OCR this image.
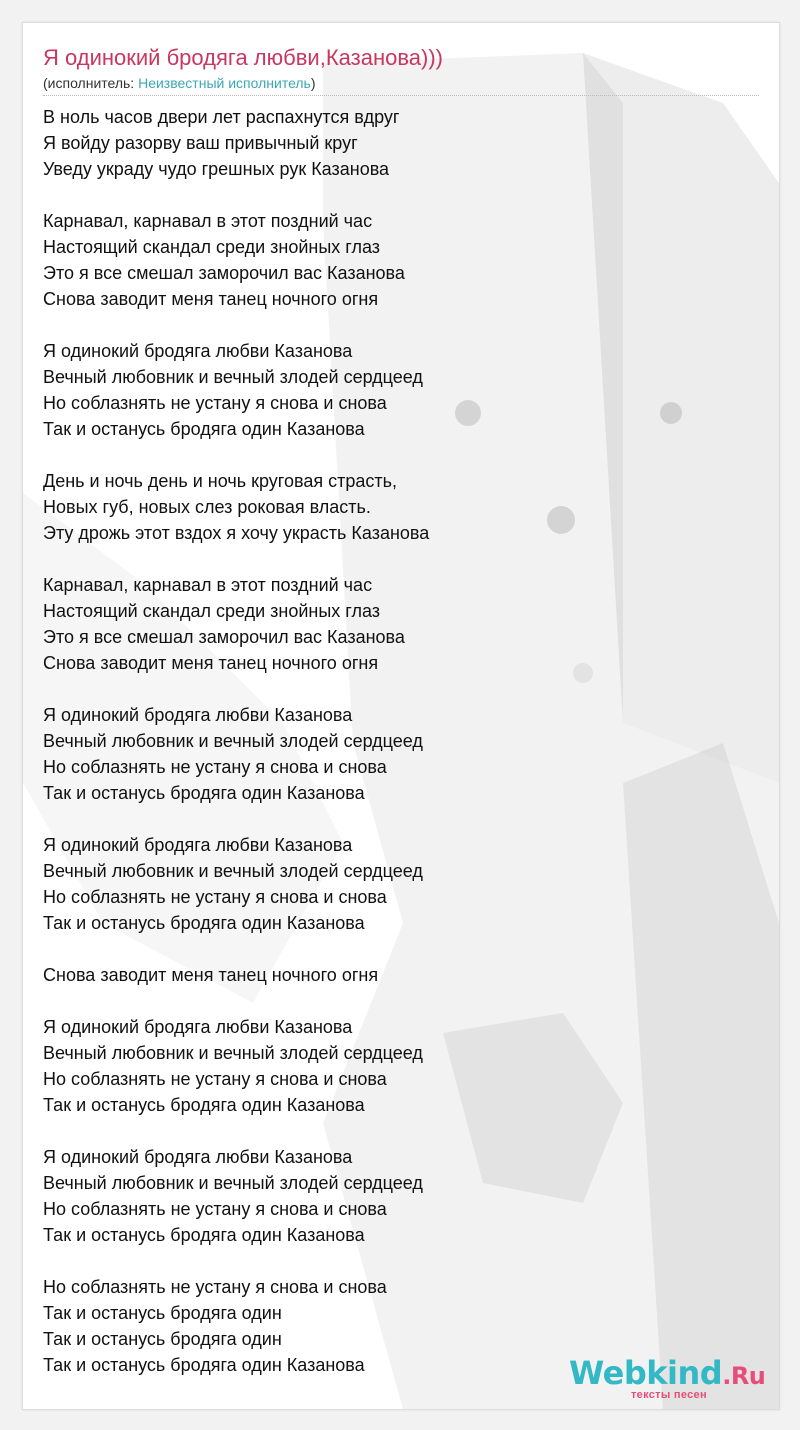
Я одинокий бродяга любви,Казанова)))
(исполнитель: Неизвестный исполнитель)
В ноль часов двери лет распахнутся вдруг
Я войду разорву ваш привычный круг
Уведу украду чудо грешных рук Казанова
Карнавал, карнавал в этот поздний час
Настоящий скандал среди знойных глаз
Это я все смешал заморочил вас Казанова
Снова заводит меня танец ночного огня
Я одинокий бродяга любви Казанова
Вечный любовник и вечный злодей сердцеед
Но соблазнять не устану я снова и снова
Так и останусь бродяга один Казанова
День и ночь день и ночь круговая страсть,
Новых губ, новых слез роковая власть.
Эту дрожь этот вздох я хочу украсть Казанова
Карнавал, карнавал в этот поздний час
Настоящий скандал среди знойных глаз
Это я все смешал заморочил вас Казанова
Снова заводит меня танец ночного огня
Я одинокий бродяга любви Казанова
Вечный любовник и вечный злодей сердцеед
Но соблазнять не устану я снова и снова
Так и останусь бродяга один Казанова
Я одинокий бродяга любви Казанова
Вечный любовник и вечный злодей сердцеед
Но соблазнять не устану я снова и снова
Так и останусь бродяга один Казанова
Снова заводит меня танец ночного огня
Я одинокий бродяга любви Казанова
Вечный любовник и вечный злодей сердцеед
Но соблазнять не устану я снова и снова
Так и останусь бродяга один Казанова
Я одинокий бродяга любви Казанова
Вечный любовник и вечный злодей сердцеед
Но соблазнять не устану я снова и снова
Так и останусь бродяга один Казанова
Но соблазнять не устану я снова и снова
Так и останусь бродяга один
Так и останусь бродяга один
Так и останусь бродяга один Казанова	Webkind.Ru
тексты песен
